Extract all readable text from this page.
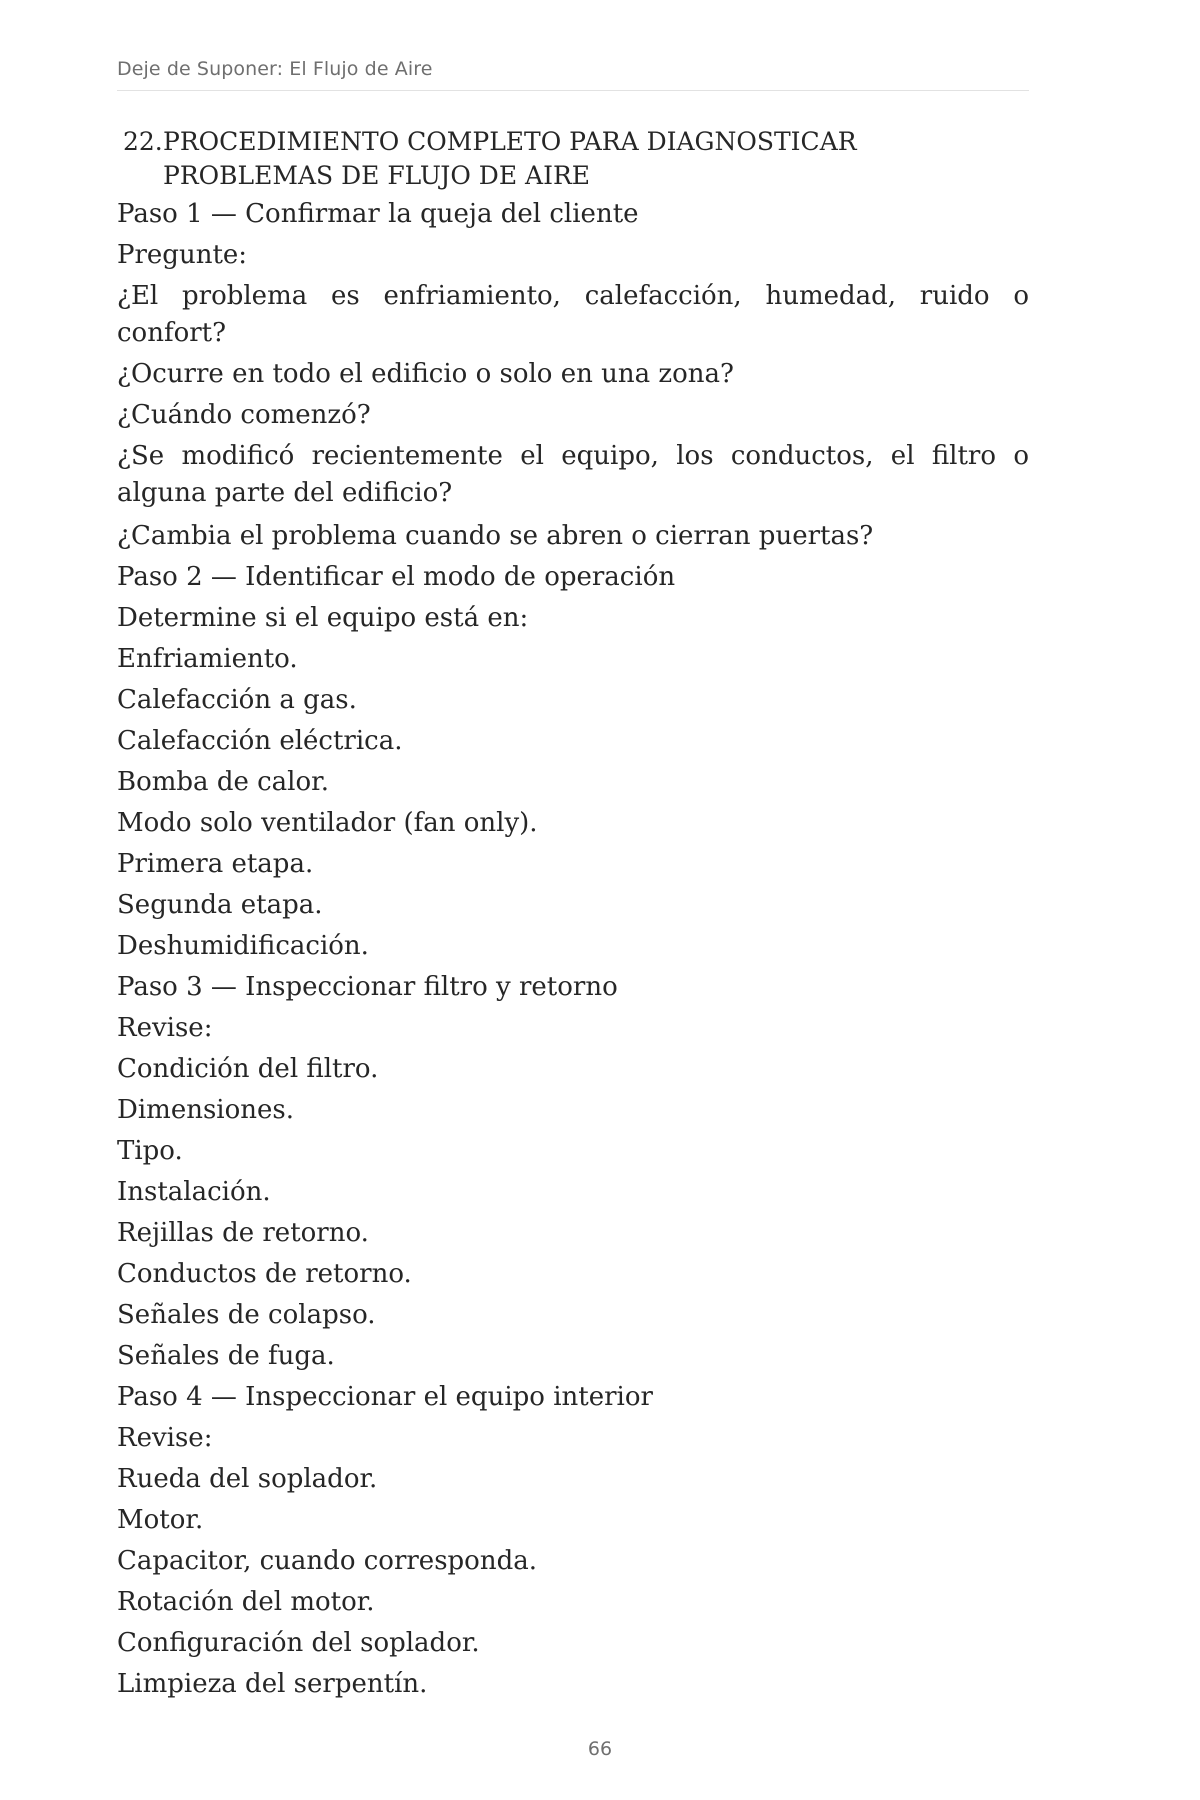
Deje de Suponer: El Flujo de Aire
22. PROCEDIMIENTO COMPLETO PARA DIAGNOSTICAR PROBLEMAS DE FLUJO DE AIRE

Paso 1 — Confirmar la queja del cliente

Pregunte:

¿El problema es enfriamiento, calefacción, humedad, ruido o confort?

¿Ocurre en todo el edificio o solo en una zona?

¿Cuándo comenzó?

¿Se modificó recientemente el equipo, los conductos, el filtro o alguna parte del edificio?

¿Cambia el problema cuando se abren o cierran puertas?

Paso 2 — Identificar el modo de operación

Determine si el equipo está en:

Enfriamiento.

Calefacción a gas.

Calefacción eléctrica.

Bomba de calor.

Modo solo ventilador (fan only).

Primera etapa.

Segunda etapa.

Deshumidificación.

Paso 3 — Inspeccionar filtro y retorno

Revise:

Condición del filtro.

Dimensiones.

Tipo.

Instalación.

Rejillas de retorno.

Conductos de retorno.

Señales de colapso.

Señales de fuga.

Paso 4 — Inspeccionar el equipo interior

Revise:

Rueda del soplador.

Motor.

Capacitor, cuando corresponda.

Rotación del motor.

Configuración del soplador.

Limpieza del serpentín.

66
